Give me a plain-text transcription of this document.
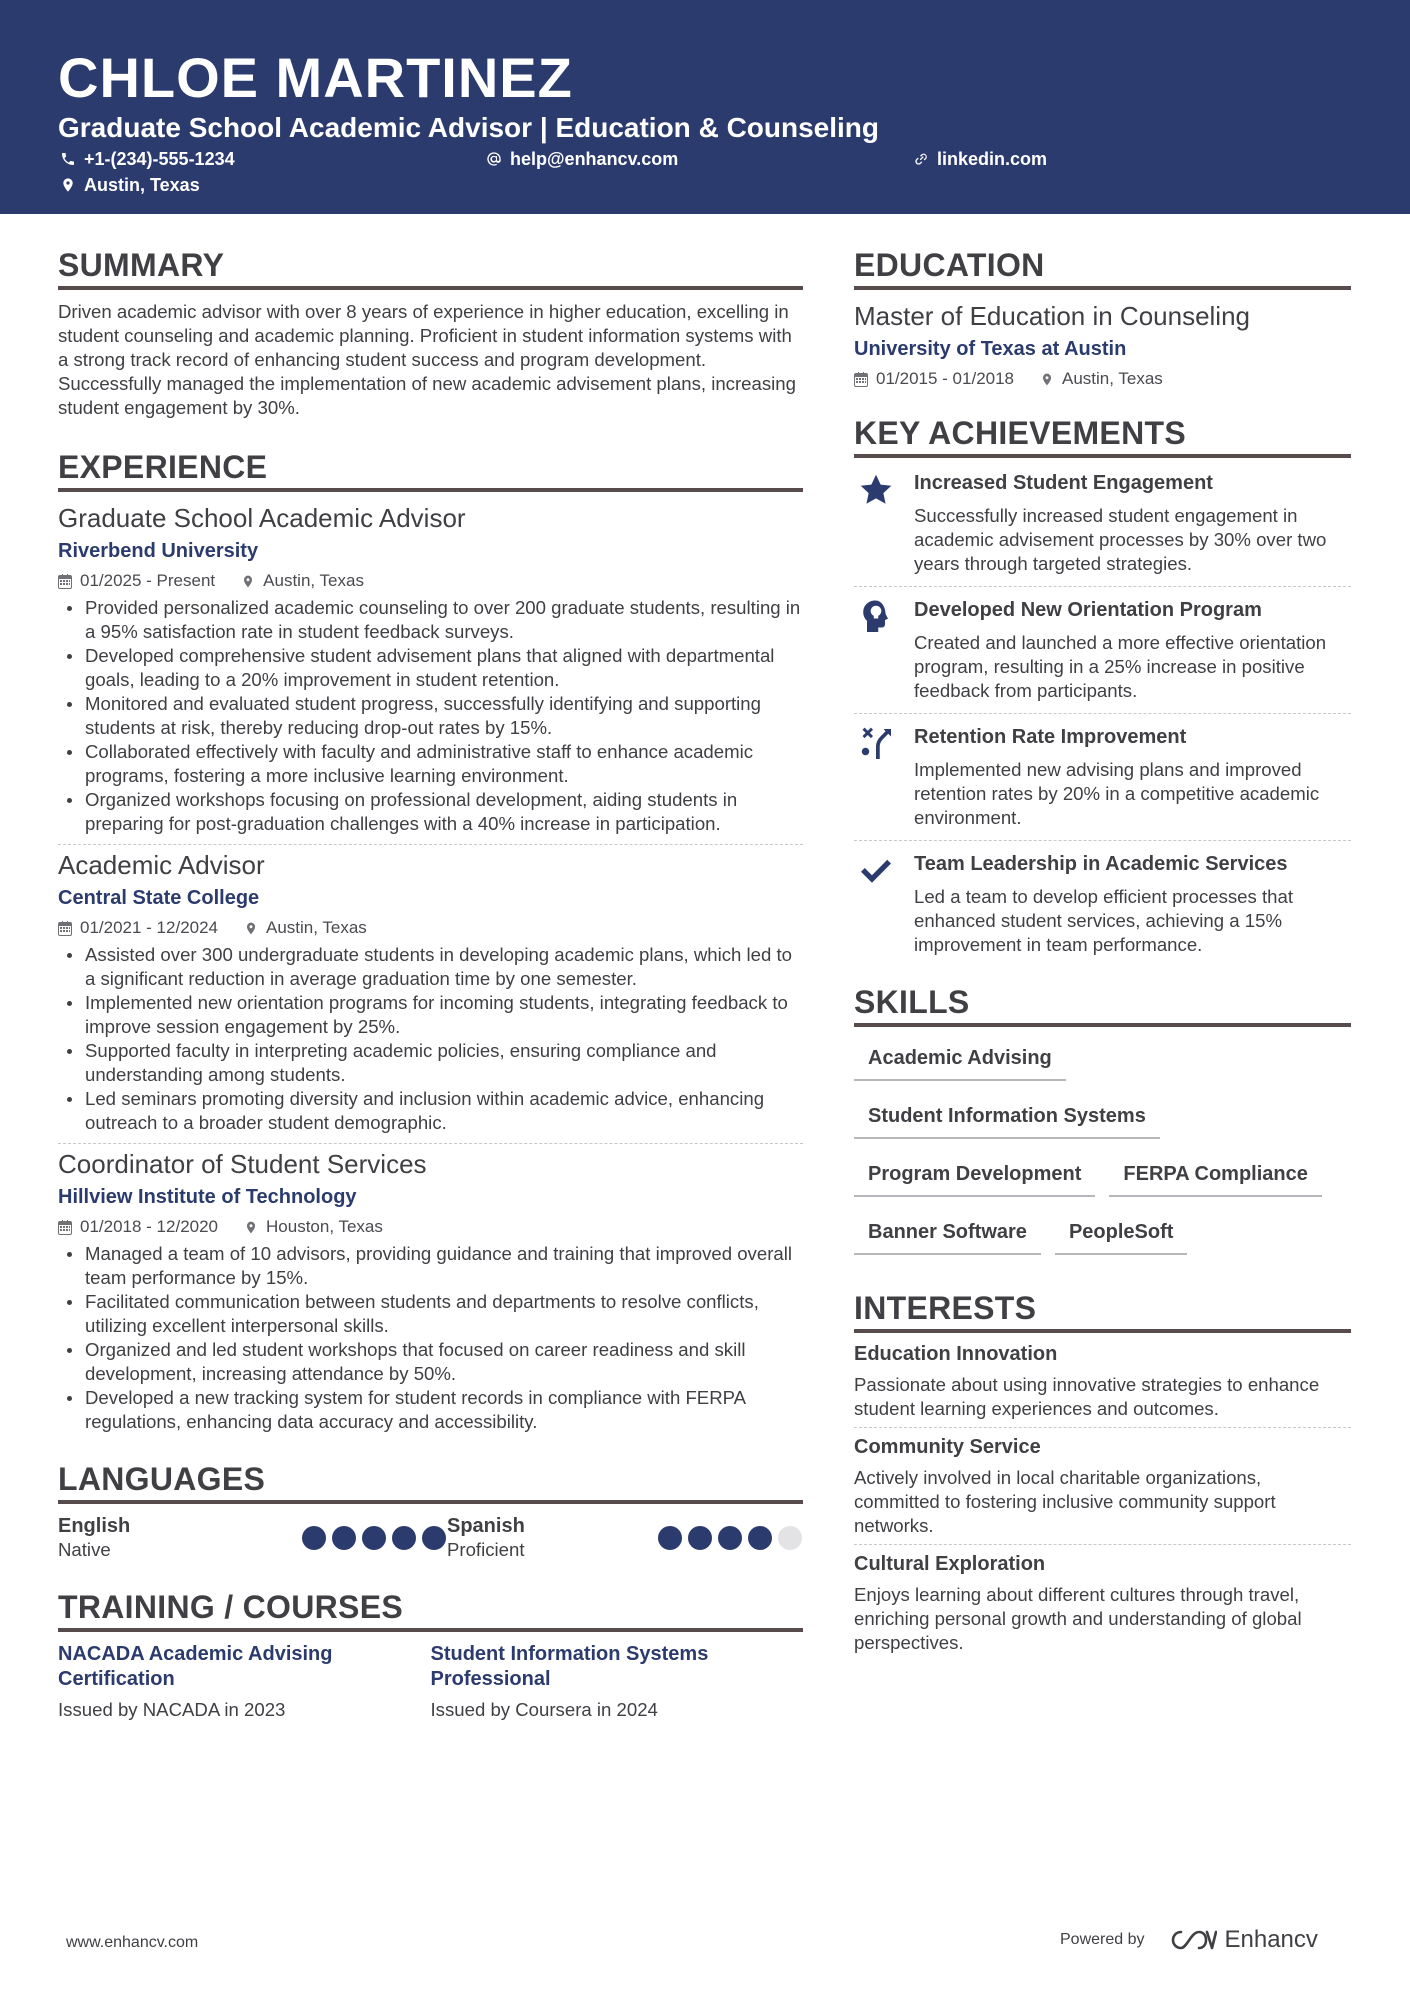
CHLOE MARTINEZ
Graduate School Academic Advisor | Education & Counseling
+1-(234)-555-1234	help@enhancv.com	linkedin.com
Austin, Texas
SUMMARY
Driven academic advisor with over 8 years of experience in higher education, excelling in student counseling and academic planning. Proficient in student information systems with a strong track record of enhancing student success and program development. Successfully managed the implementation of new academic advisement plans, increasing student engagement by 30%.
EXPERIENCE
Graduate School Academic Advisor
Riverbend University
01/2025 - Present	Austin, Texas
Provided personalized academic counseling to over 200 graduate students, resulting in a 95% satisfaction rate in student feedback surveys.
Developed comprehensive student advisement plans that aligned with departmental goals, leading to a 20% improvement in student retention.
Monitored and evaluated student progress, successfully identifying and supporting students at risk, thereby reducing drop-out rates by 15%.
Collaborated effectively with faculty and administrative staff to enhance academic programs, fostering a more inclusive learning environment.
Organized workshops focusing on professional development, aiding students in preparing for post-graduation challenges with a 40% increase in participation.
Academic Advisor
Central State College
01/2021 - 12/2024	Austin, Texas
Assisted over 300 undergraduate students in developing academic plans, which led to a significant reduction in average graduation time by one semester.
Implemented new orientation programs for incoming students, integrating feedback to improve session engagement by 25%.
Supported faculty in interpreting academic policies, ensuring compliance and understanding among students.
Led seminars promoting diversity and inclusion within academic advice, enhancing outreach to a broader student demographic.
Coordinator of Student Services
Hillview Institute of Technology
01/2018 - 12/2020	Houston, Texas
Managed a team of 10 advisors, providing guidance and training that improved overall team performance by 15%.
Facilitated communication between students and departments to resolve conflicts, utilizing excellent interpersonal skills.
Organized and led student workshops that focused on career readiness and skill development, increasing attendance by 50%.
Developed a new tracking system for student records in compliance with FERPA regulations, enhancing data accuracy and accessibility.
LANGUAGES
English
Native
Spanish
Proficient
TRAINING / COURSES
NACADA Academic Advising Certification
Issued by NACADA in 2023
Student Information Systems Professional
Issued by Coursera in 2024
EDUCATION
Master of Education in Counseling
University of Texas at Austin
01/2015 - 01/2018	Austin, Texas
KEY ACHIEVEMENTS
Increased Student Engagement
Successfully increased student engagement in academic advisement processes by 30% over two years through targeted strategies.
Developed New Orientation Program
Created and launched a more effective orientation program, resulting in a 25% increase in positive feedback from participants.
Retention Rate Improvement
Implemented new advising plans and improved retention rates by 20% in a competitive academic environment.
Team Leadership in Academic Services
Led a team to develop efficient processes that enhanced student services, achieving a 15% improvement in team performance.
SKILLS
Academic Advising
Student Information Systems
Program Development	FERPA Compliance
Banner Software	PeopleSoft
INTERESTS
Education Innovation
Passionate about using innovative strategies to enhance student learning experiences and outcomes.
Community Service
Actively involved in local charitable organizations, committed to fostering inclusive community support networks.
Cultural Exploration
Enjoys learning about different cultures through travel, enriching personal growth and understanding of global perspectives.
www.enhancv.com	Powered by	Enhancv
